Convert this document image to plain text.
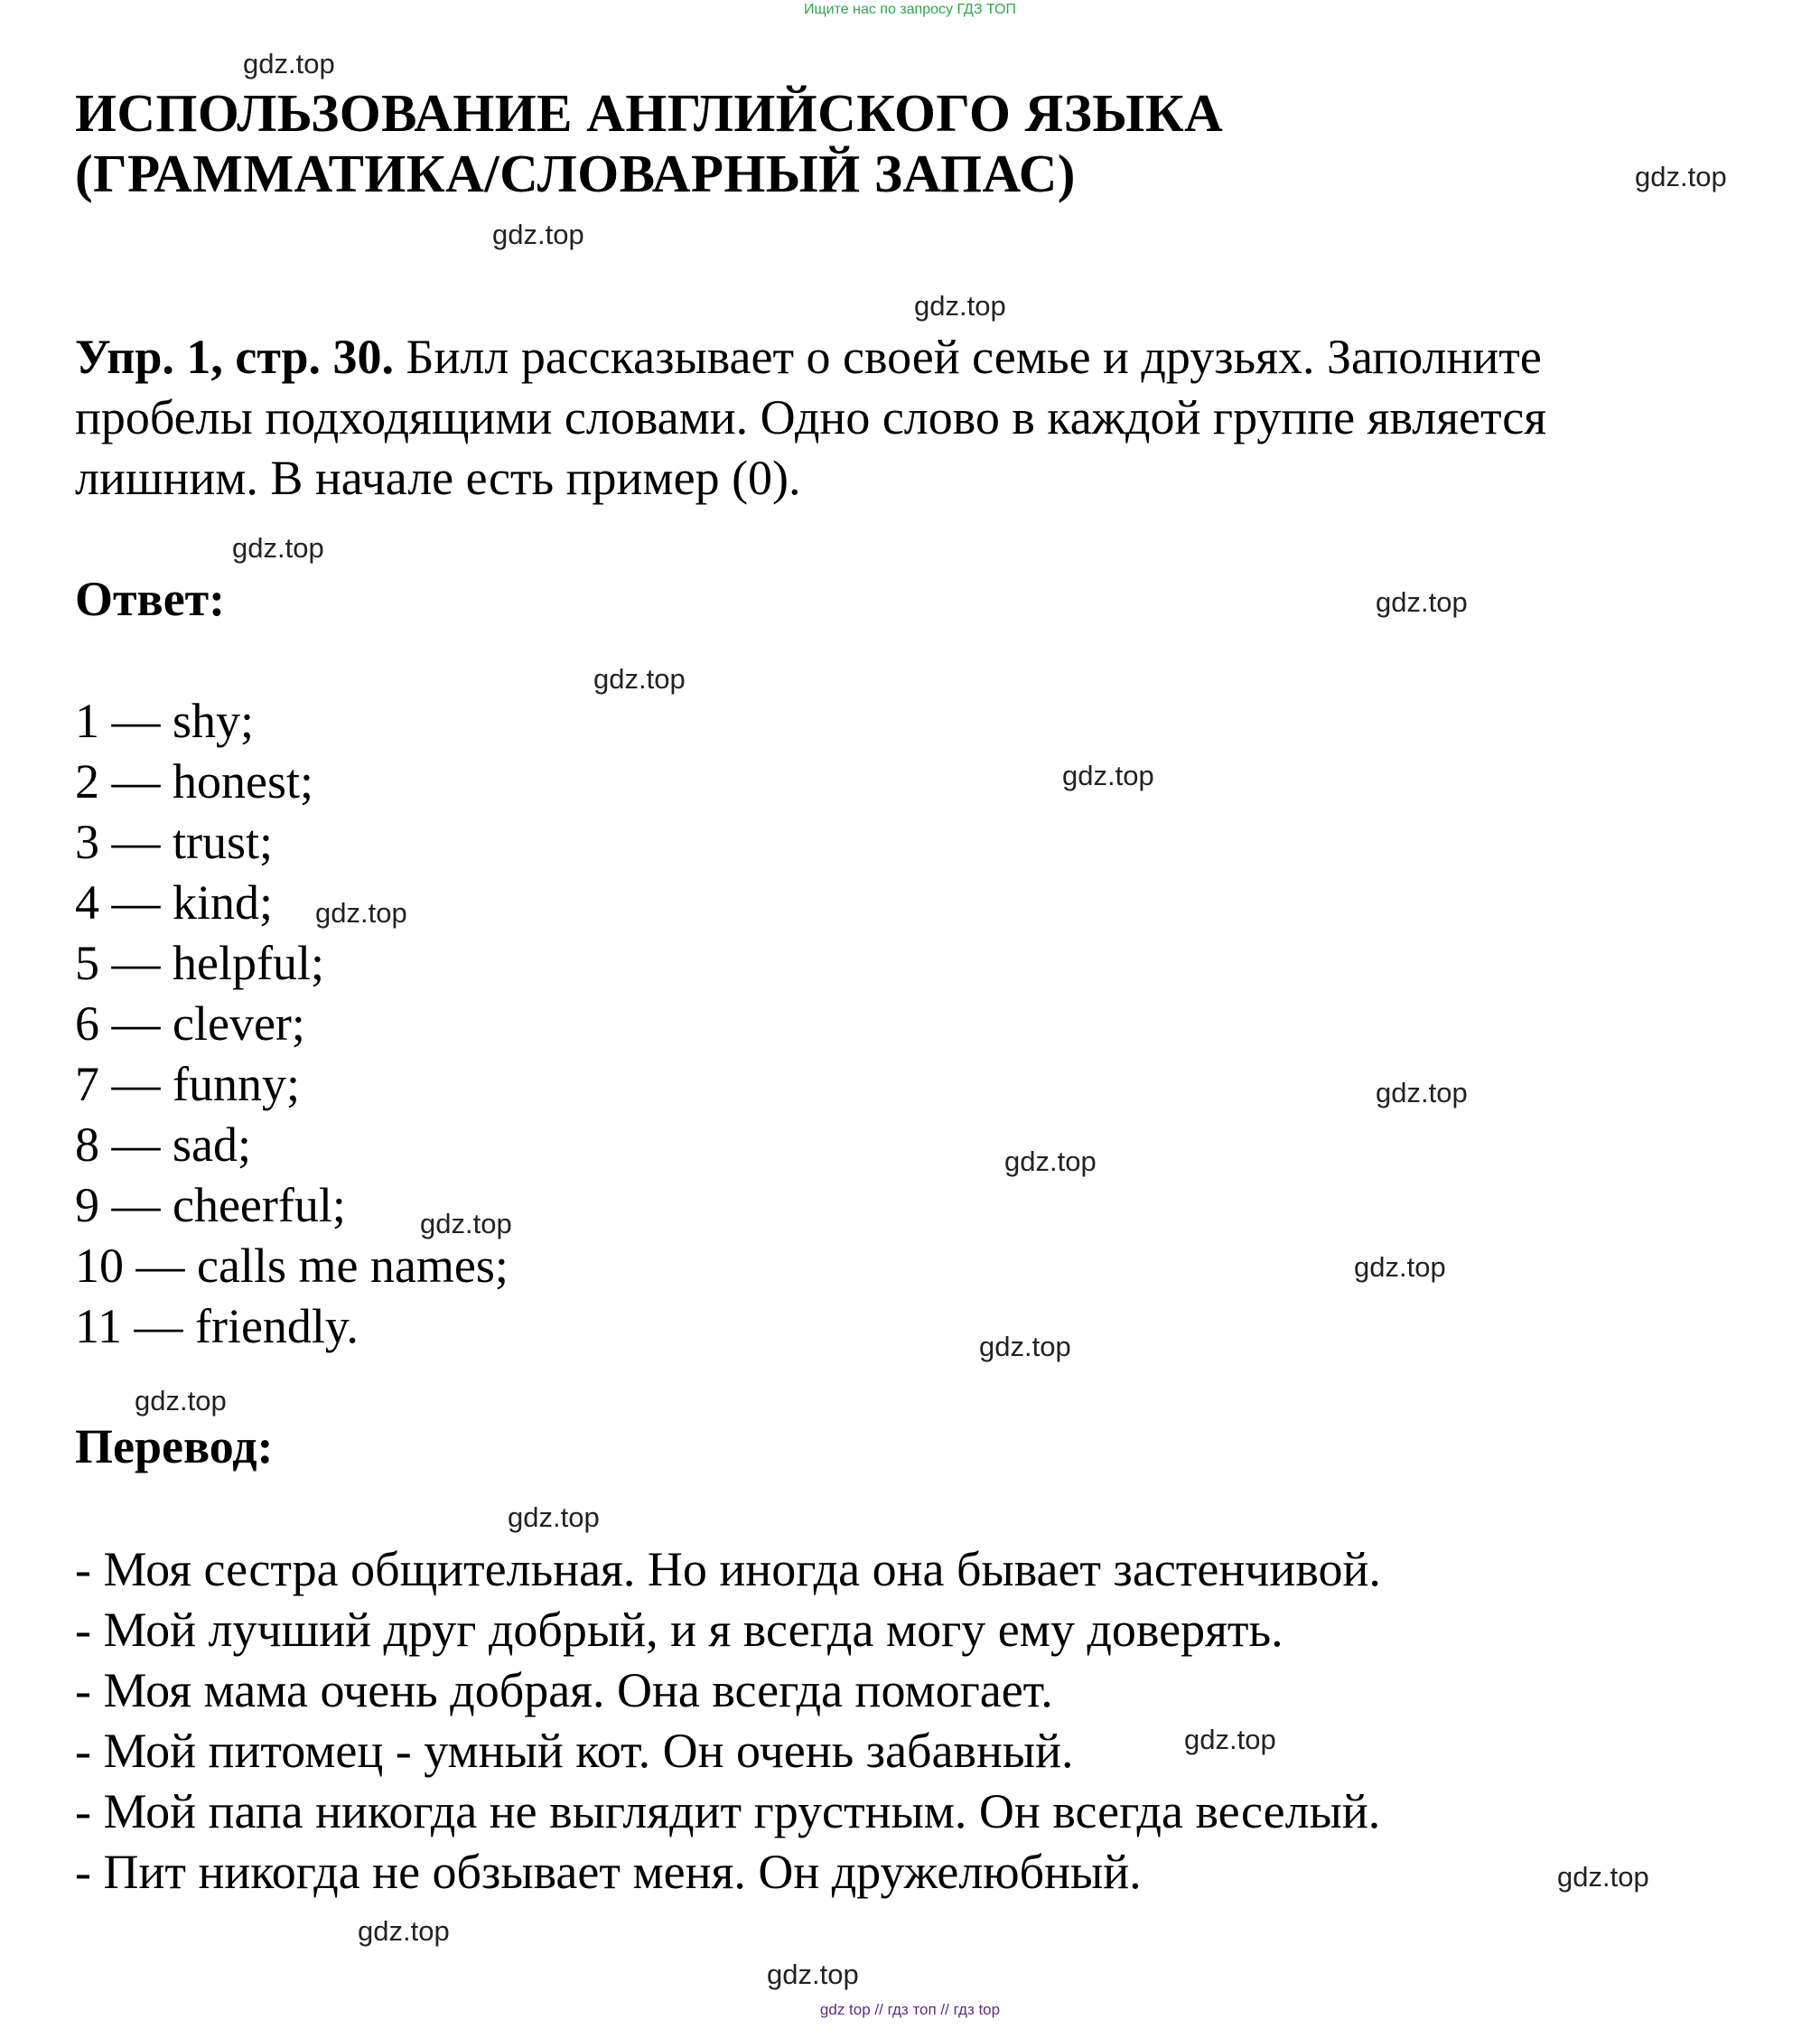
Ищите нас по запросу ГДЗ ТОП
ИСПОЛЬЗОВАНИЕ АНГЛИЙСКОГО ЯЗЫКА
(ГРАММАТИКА/СЛОВАРНЫЙ ЗАПАС)
Упр. 1, стр. 30. Билл рассказывает о своей семье и друзьях. Заполните пробелы подходящими словами. Одно слово в каждой группе является лишним. В начале есть пример (0).
Ответ:
1 — shy;
2 — honest;
3 — trust;
4 — kind;
5 — helpful;
6 — clever;
7 — funny;
8 — sad;
9 — cheerful;
10 — calls me names;
11 — friendly.
Перевод:
- Моя сестра общительная. Но иногда она бывает застенчивой.
- Мой лучший друг добрый, и я всегда могу ему доверять.
- Моя мама очень добрая. Она всегда помогает.
- Мой питомец - умный кот. Он очень забавный.
- Мой папа никогда не выглядит грустным. Он всегда веселый.
- Пит никогда не обзывает меня. Он дружелюбный.
gdz.top
gdz.top
gdz.top
gdz.top
gdz.top
gdz.top
gdz.top
gdz.top
gdz.top
gdz.top
gdz.top
gdz.top
gdz.top
gdz.top
gdz.top
gdz.top
gdz.top
gdz.top
gdz.top
gdz.top
gdz top // гдз топ // гдз top
